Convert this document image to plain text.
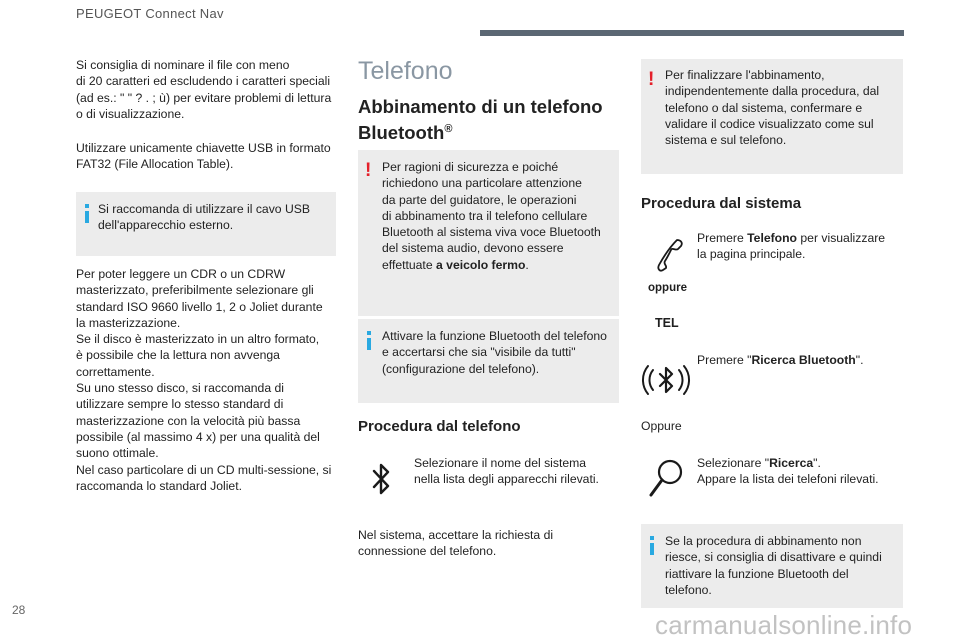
PEUGEOT Connect Nav

Si consiglia di nominare il file con meno
di 20 caratteri ed escludendo i caratteri speciali
(ad es.: " " ? . ; ù) per evitare problemi di lettura
o di visualizzazione.

Utilizzare unicamente chiavette USB in formato
FAT32 (File Allocation Table).

Si raccomanda di utilizzare il cavo USB
dell'apparecchio esterno.

Per poter leggere un CDR o un CDRW
masterizzato, preferibilmente selezionare gli
standard ISO 9660 livello 1, 2 o Joliet durante
la masterizzazione.
Se il disco è masterizzato in un altro formato,
è possibile che la lettura non avvenga
correttamente.
Su uno stesso disco, si raccomanda di
utilizzare sempre lo stesso standard di
masterizzazione con la velocità più bassa
possibile (al massimo 4 x) per una qualità del
suono ottimale.
Nel caso particolare di un CD multi-sessione, si
raccomanda lo standard Joliet.

Telefono
Abbinamento di un telefono
Bluetooth®
! Per ragioni di sicurezza e poiché
richiedono una particolare attenzione
da parte del guidatore, le operazioni
di abbinamento tra il telefono cellulare
Bluetooth al sistema viva voce Bluetooth
del sistema audio, devono essere
effettuate a veicolo fermo.

Attivare la funzione Bluetooth del telefono
e accertarsi che sia "visibile da tutti"
(configurazione del telefono).

Procedura dal telefono

Selezionare il nome del sistema
nella lista degli apparecchi rilevati.

Nel sistema, accettare la richiesta di
connessione del telefono.

! Per finalizzare l'abbinamento,
indipendentemente dalla procedura, dal
telefono o dal sistema, confermare e
validare il codice visualizzato come sul
sistema e sul telefono.

Procedura dal sistema

Premere Telefono per visualizzare
la pagina principale.

oppure
TEL

Premere "Ricerca Bluetooth".

Oppure

Selezionare "Ricerca".
Appare la lista dei telefoni rilevati.

Se la procedura di abbinamento non
riesce, si consiglia di disattivare e quindi
riattivare la funzione Bluetooth del
telefono.

28	carmanualsonline.info
